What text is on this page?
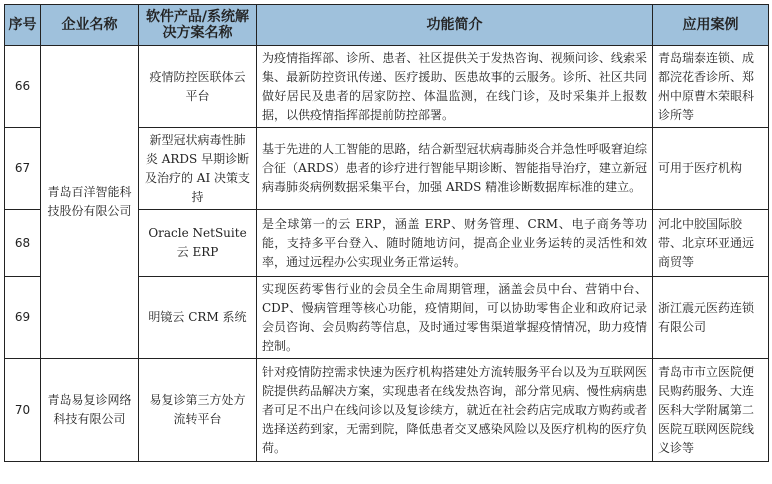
序号	企业名称	软件产品/系统解决方案名称	功能简介	应用案例
66	青岛百洋智能科技股份有限公司	疫情防控医联体云平台	为疫情指挥部、诊所、患者、社区提供关于发热咨询、视频问诊、线索采集、最新防控资讯传递、医疗援助、医患故事的云服务。诊所、社区共同做好居民及患者的居家防控、体温监测，在线门诊，及时采集并上报数据，以供疫情指挥部提前防控部署。	青岛瑞泰连锁、成都浣花香诊所、郑州中原曹木荣眼科诊所等
67		新型冠状病毒性肺炎 ARDS 早期诊断及治疗的 AI 决策支持	基于先进的人工智能的思路，结合新型冠状病毒肺炎合并急性呼吸窘迫综合征（ARDS）患者的诊疗进行智能早期诊断、智能指导治疗，建立新冠病毒肺炎病例数据采集平台，加强 ARDS 精准诊断数据库标准的建立。	可用于医疗机构
68		Oracle NetSuite 云 ERP	是全球第一的云 ERP，涵盖 ERP、财务管理、CRM、电子商务等功能，支持多平台登入、随时随地访问，提高企业业务运转的灵活性和效率，通过远程办公实现业务正常运转。	河北中胶国际胶带、北京环亚通远商贸等
69		明镜云 CRM 系统	实现医药零售行业的会员全生命周期管理，涵盖会员中台、营销中台、CDP、慢病管理等核心功能，疫情期间，可以协助零售企业和政府记录会员咨询、会员购药等信息，及时通过零售渠道掌握疫情情况，助力疫情控制。	浙江震元医药连锁有限公司
70	青岛易复诊网络科技有限公司	易复诊第三方处方流转平台	针对疫情防控需求快速为医疗机构搭建处方流转服务平台以及为互联网医院提供药品解决方案，实现患者在线发热咨询，部分常见病、慢性病病患者可足不出户在线问诊以及复诊续方，就近在社会药店完成取方购药或者选择送药到家，无需到院，降低患者交叉感染风险以及医疗机构的医疗负荷。	青岛市市立医院便民购药服务、大连医科大学附属第二医院互联网医院线义诊等
